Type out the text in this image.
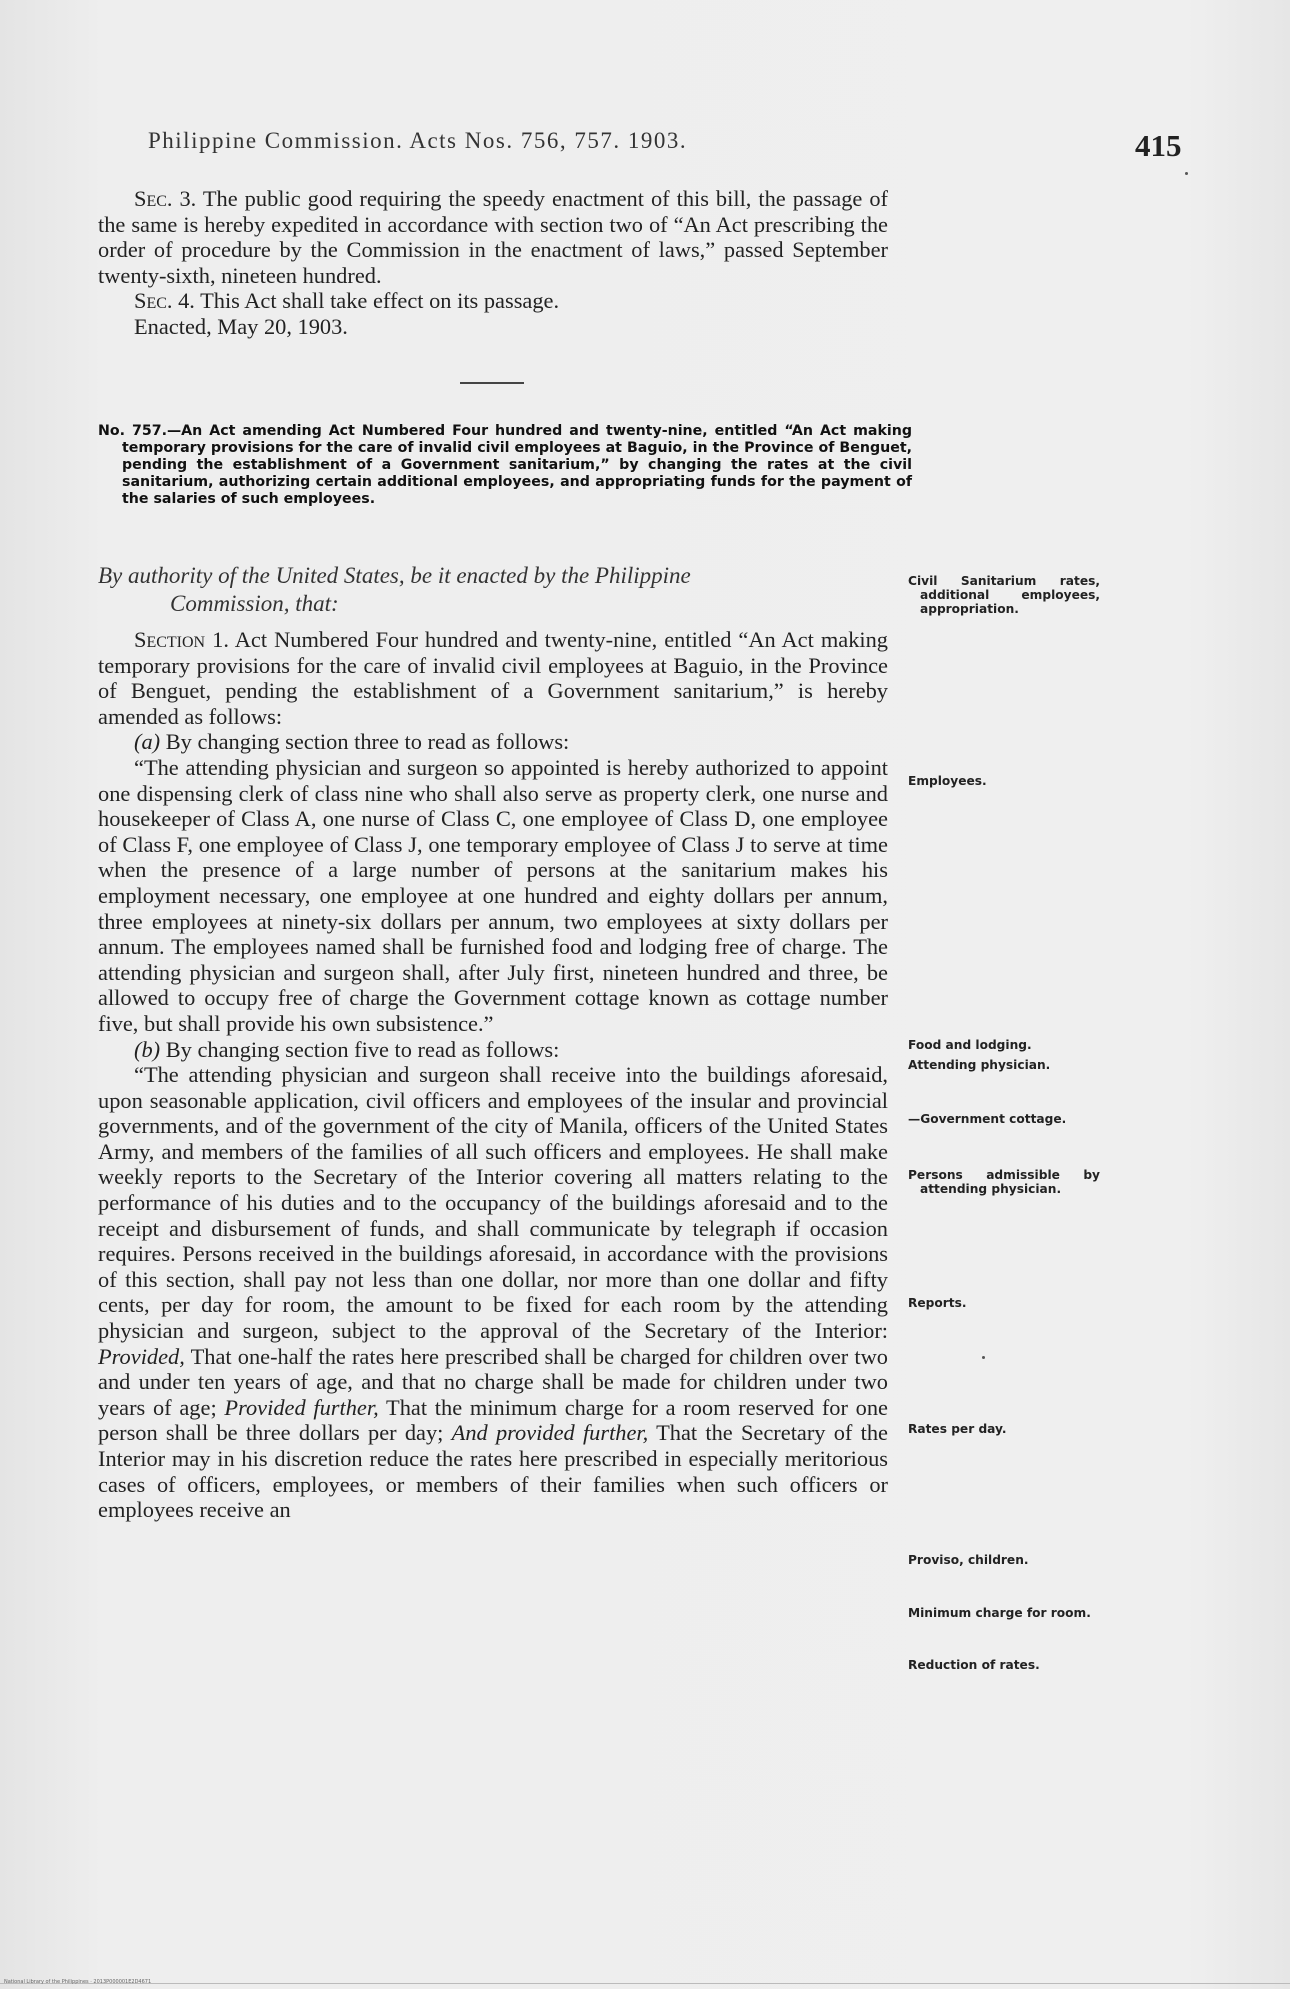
Philippine Commission. Acts Nos. 756, 757. 1903.	415

Sec. 3. The public good requiring the speedy enactment of this bill, the passage of the same is hereby expedited in accordance with section two of “An Act prescribing the order of procedure by the Commission in the enactment of laws,” passed September twenty-sixth, nineteen hundred.

Sec. 4. This Act shall take effect on its passage.

Enacted, May 20, 1903.

No. 757.—An Act amending Act Numbered Four hundred and twenty-nine, entitled “An Act making temporary provisions for the care of invalid civil employees at Baguio, in the Province of Benguet, pending the establishment of a Government sanitarium,” by changing the rates at the civil sanitarium, authorizing certain additional employees, and appropriating funds for the payment of the salaries of such employees.
By authority of the United States, be it enacted by the Philippine
Commission, that:

Section 1. Act Numbered Four hundred and twenty-nine, entitled “An Act making temporary provisions for the care of invalid civil employees at Baguio, in the Province of Benguet, pending the establishment of a Government sanitarium,” is hereby amended as follows:

(a) By changing section three to read as follows:

“The attending physician and surgeon so appointed is hereby authorized to appoint one dispensing clerk of class nine who shall also serve as property clerk, one nurse and housekeeper of Class A, one nurse of Class C, one employee of Class D, one employee of Class F, one employee of Class J, one temporary employee of Class J to serve at time when the presence of a large number of persons at the sanitarium makes his employment necessary, one employee at one hundred and eighty dollars per annum, three employees at ninety-six dollars per annum, two employees at sixty dollars per annum. The employees named shall be furnished food and lodging free of charge. The attending physician and surgeon shall, after July first, nineteen hundred and three, be allowed to occupy free of charge the Government cottage known as cottage number five, but shall provide his own subsistence.”

(b) By changing section five to read as follows:

“The attending physician and surgeon shall receive into the buildings aforesaid, upon seasonable application, civil officers and employees of the insular and provincial governments, and of the government of the city of Manila, officers of the United States Army, and members of the families of all such officers and employees. He shall make weekly reports to the Secretary of the Interior covering all matters relating to the performance of his duties and to the occupancy of the buildings aforesaid and to the receipt and disbursement of funds, and shall communicate by telegraph if occasion requires. Persons received in the buildings aforesaid, in accordance with the provisions of this section, shall pay not less than one dollar, nor more than one dollar and fifty cents, per day for room, the amount to be fixed for each room by the attending physician and surgeon, subject to the approval of the Secretary of the Interior: Provided, That one-half the rates here prescribed shall be charged for children over two and under ten years of age, and that no charge shall be made for children under two years of age; Provided further, That the minimum charge for a room reserved for one person shall be three dollars per day; And provided further, That the Secretary of the Interior may in his discretion reduce the rates here prescribed in especially meritorious cases of officers, employees, or members of their families when such officers or employees receive an

Civil Sanitarium rates, additional employees, appropriation.
Employees.
Food and lodging.
Attending physician.
—Government cottage.
Persons admissible by attending physician.
Reports.
Rates per day.
Proviso, children.
Minimum charge for room.
Reduction of rates.
National Library of the Philippines · 2013P000001E2D4671
